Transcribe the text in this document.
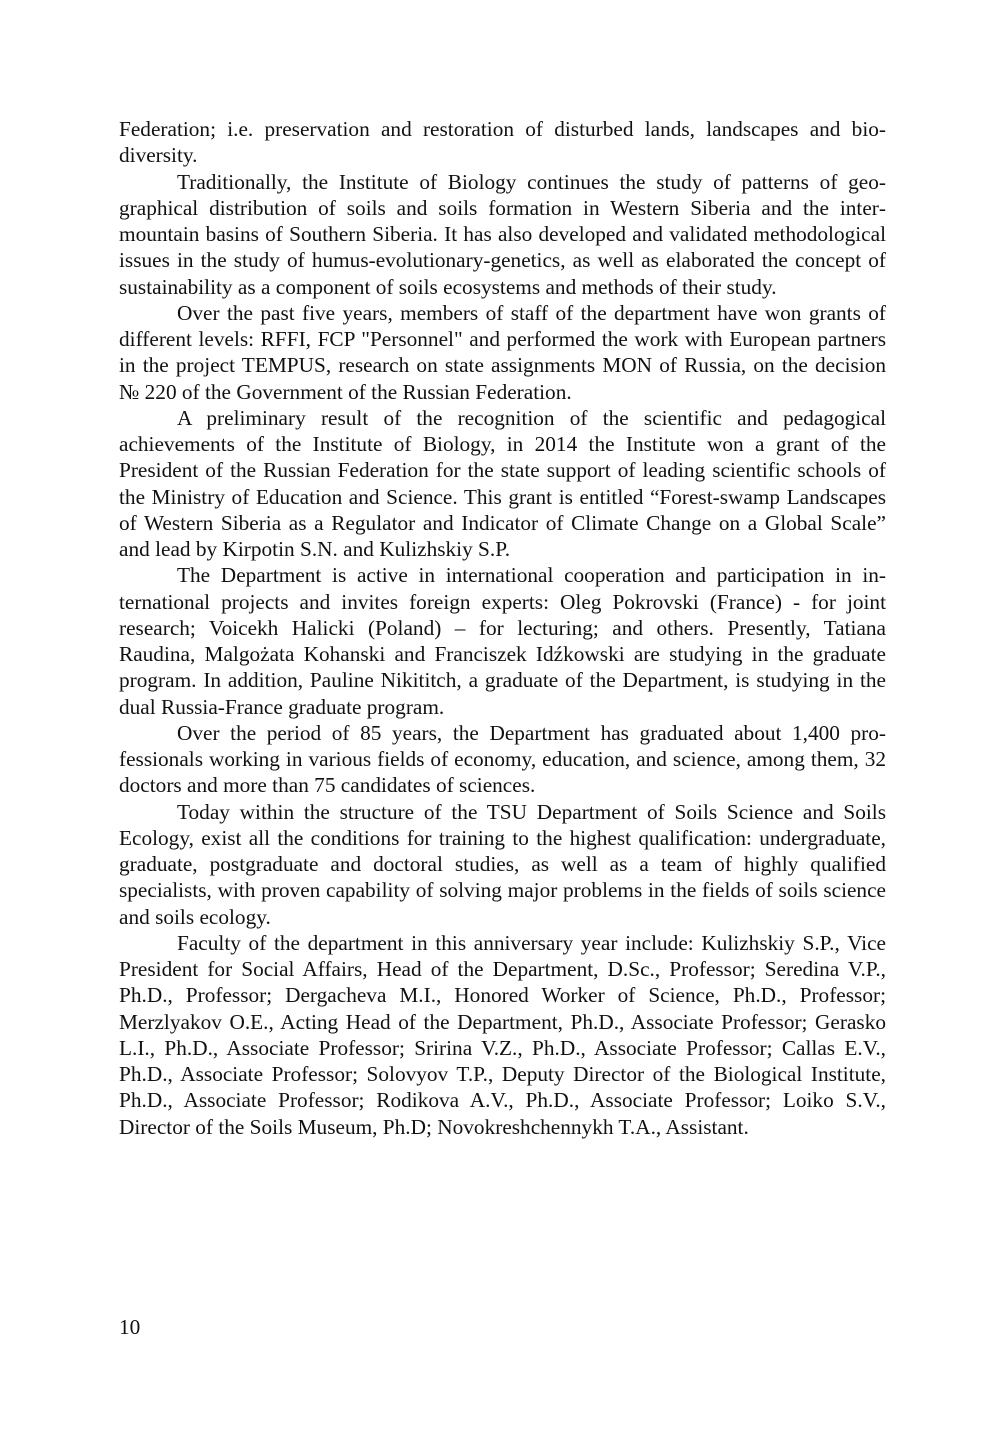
Federation; i.e. preservation and restoration of disturbed lands, landscapes and biodiversity.

Traditionally, the Institute of Biology continues the study of patterns of geographical distribution of soils and soils formation in Western Siberia and the intermountain basins of Southern Siberia. It has also developed and validated methodological issues in the study of humus-evolutionary-genetics, as well as elaborated the concept of sustainability as a component of soils ecosystems and methods of their study.

Over the past five years, members of staff of the department have won grants of different levels: RFFI, FCP "Personnel" and performed the work with European partners in the project TEMPUS, research on state assignments MON of Russia, on the decision № 220 of the Government of the Russian Federation.

A preliminary result of the recognition of the scientific and pedagogical achievements of the Institute of Biology, in 2014 the Institute won a grant of the President of the Russian Federation for the state support of leading scientific schools of the Ministry of Education and Science. This grant is entitled “Forest-swamp Landscapes of Western Siberia as a Regulator and Indicator of Climate Change on a Global Scale” and lead by Kirpotin S.N. and Kulizhskiy S.P.

The Department is active in international cooperation and participation in international projects and invites foreign experts: Oleg Pokrovski (France) - for joint research; Voicekh Halicki (Poland) – for lecturing; and others. Presently, Tatiana Raudina, Malgożata Kohanski and Franciszek Idźkowski are studying in the graduate program. In addition, Pauline Nikititch, a graduate of the Department, is studying in the dual Russia-France graduate program.

Over the period of 85 years, the Department has graduated about 1,400 professionals working in various fields of economy, education, and science, among them, 32 doctors and more than 75 candidates of sciences.

Today within the structure of the TSU Department of Soils Science and Soils Ecology, exist all the conditions for training to the highest qualification: undergraduate, graduate, postgraduate and doctoral studies, as well as a team of highly qualified specialists, with proven capability of solving major problems in the fields of soils science and soils ecology.

Faculty of the department in this anniversary year include: Kulizhskiy S.P., Vice President for Social Affairs, Head of the Department, D.Sc., Professor; Seredina V.P., Ph.D., Professor; Dergacheva M.I., Honored Worker of Science, Ph.D., Professor; Merzlyakov O.E., Acting Head of the Department, Ph.D., Associate Professor; Gerasko L.I., Ph.D., Associate Professor; Sririna V.Z., Ph.D., Associate Professor; Callas E.V., Ph.D., Associate Professor; Solovyov T.P., Deputy Director of the Biological Institute, Ph.D., Associate Professor; Rodikova A.V., Ph.D., Associate Professor; Loiko S.V., Director of the Soils Museum, Ph.D; Novokreshchennykh T.A., Assistant.

10
